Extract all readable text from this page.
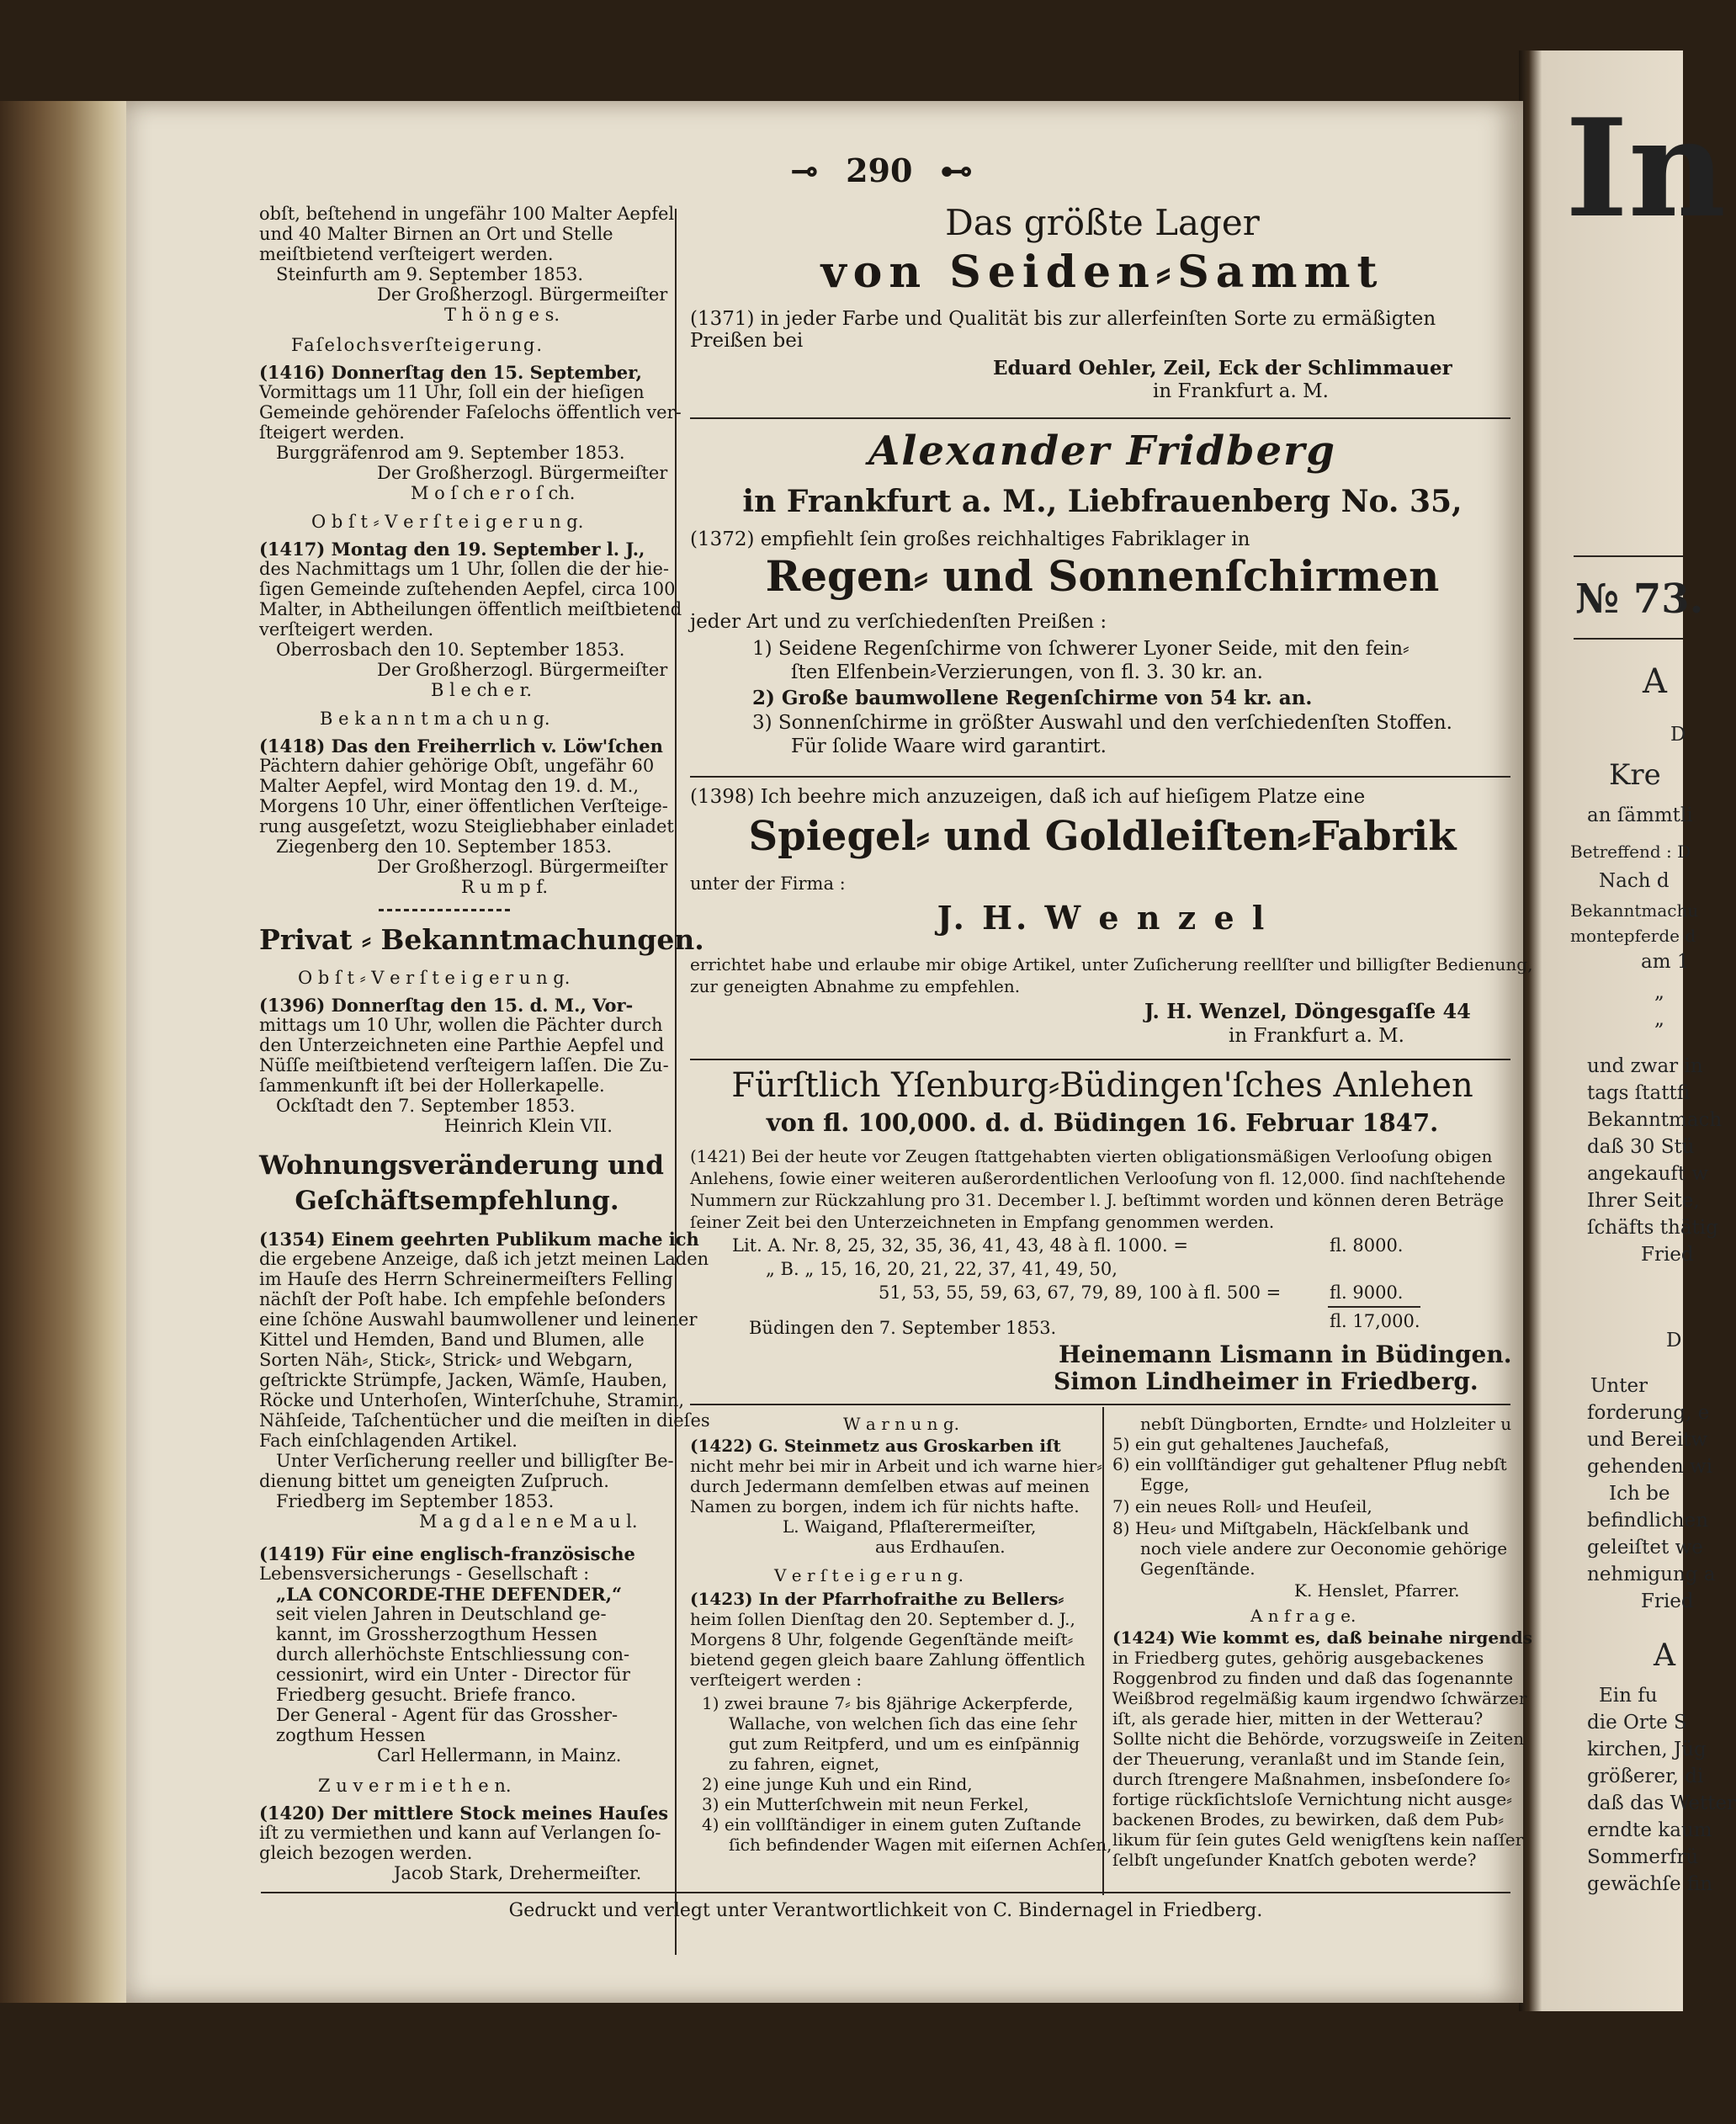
⊸ 290 ⊷
obſt, beſtehend in ungefähr 100 Malter Aepfel
und 40 Malter Birnen an Ort und Stelle
meiſtbietend verſteigert werden.
Steinfurth am 9. September 1853.
Der Großherzogl. Bürgermeiſter
T h ö n g e s.
Faſelochsverſteigerung.
(1416) Donnerſtag den 15. September,
Vormittags um 11 Uhr, ſoll ein der hieſigen
Gemeinde gehörender Faſelochs öffentlich ver-
ſteigert werden.
Burggräfenrod am 9. September 1853.
Der Großherzogl. Bürgermeiſter
M o ſ ch e r o ſ ch.
O b ſ t ⸗ V e r ſ t e i g e r u n g.
(1417) Montag den 19. September l. J.,
des Nachmittags um 1 Uhr, ſollen die der hie-
ſigen Gemeinde zuſtehenden Aepfel, circa 100
Malter, in Abtheilungen öffentlich meiſtbietend
verſteigert werden.
Oberrosbach den 10. September 1853.
Der Großherzogl. Bürgermeiſter
B l e ch e r.
B e k a n n t m a ch u n g.
(1418) Das den Freiherrlich v. Löw'ſchen
Pächtern dahier gehörige Obſt, ungefähr 60
Malter Aepfel, wird Montag den 19. d. M.,
Morgens 10 Uhr, einer öffentlichen Verſteige-
rung ausgeſetzt, wozu Steigliebhaber einladet
Ziegenberg den 10. September 1853.
Der Großherzogl. Bürgermeiſter
R u m p f.
Privat ⸗ Bekanntmachungen.
O b ſ t ⸗ V e r ſ t e i g e r u n g.
(1396) Donnerſtag den 15. d. M., Vor-
mittags um 10 Uhr, wollen die Pächter durch
den Unterzeichneten eine Parthie Aepfel und
Nüſſe meiſtbietend verſteigern laſſen. Die Zu-
ſammenkunft iſt bei der Hollerkapelle.
Ockſtadt den 7. September 1853.
Heinrich Klein VII.
Wohnungsveränderung und
Geſchäftsempfehlung.
(1354) Einem geehrten Publikum mache ich
die ergebene Anzeige, daß ich jetzt meinen Laden
im Hauſe des Herrn Schreinermeiſters Felling
nächſt der Poſt habe. Ich empfehle beſonders
eine ſchöne Auswahl baumwollener und leinener
Kittel und Hemden, Band und Blumen, alle
Sorten Näh⸗, Stick⸗, Strick⸗ und Webgarn,
geſtrickte Strümpfe, Jacken, Wämſe, Hauben,
Röcke und Unterhoſen, Winterſchuhe, Stramin,
Nähſeide, Taſchentücher und die meiſten in dieſes
Fach einſchlagenden Artikel.
Unter Verſicherung reeller und billigſter Be-
dienung bittet um geneigten Zuſpruch.
Friedberg im September 1853.
M a g d a l e n e M a u l.
(1419) Für eine englisch-französische
Lebensversicherungs - Gesellschaft :
„LA CONCORDE-THE DEFENDER,“
seit vielen Jahren in Deutschland ge-
kannt, im Grossherzogthum Hessen
durch allerhöchste Entschliessung con-
cessionirt, wird ein Unter - Director für
Friedberg gesucht. Briefe franco.
Der General - Agent für das Grossher-
zogthum Hessen
Carl Hellermann, in Mainz.
Z u v e r m i e t h e n.
(1420) Der mittlere Stock meines Hauſes
iſt zu vermiethen und kann auf Verlangen ſo-
gleich bezogen werden.
Jacob Stark, Drehermeiſter.
Das größte Lager
von Seiden⸗Sammt
(1371) in jeder Farbe und Qualität bis zur allerfeinſten Sorte zu ermäßigten
Preißen bei
Eduard Oehler, Zeil, Eck der Schlimmauer
in Frankfurt a. M.
Alexander Fridberg
in Frankfurt a. M., Liebfrauenberg No. 35,
(1372) empfiehlt ſein großes reichhaltiges Fabriklager in
Regen⸗ und Sonnenſchirmen
jeder Art und zu verſchiedenſten Preißen :
1) Seidene Regenſchirme von ſchwerer Lyoner Seide, mit den fein⸗
ſten Elfenbein⸗Verzierungen, von fl. 3. 30 kr. an.
2) Große baumwollene Regenſchirme von 54 kr. an.
3) Sonnenſchirme in größter Auswahl und den verſchiedenſten Stoffen.
Für ſolide Waare wird garantirt.
(1398) Ich beehre mich anzuzeigen, daß ich auf hieſigem Platze eine
Spiegel⸗ und Goldleiſten⸗Fabrik
unter der Firma :
J. H. W e n z e l
errichtet habe und erlaube mir obige Artikel, unter Zuſicherung reellſter und billigſter Bedienung,
zur geneigten Abnahme zu empfehlen.
J. H. Wenzel, Döngesgaſſe 44
in Frankfurt a. M.
Fürſtlich Yſenburg⸗Büdingen'ſches Anlehen
von fl. 100,000. d. d. Büdingen 16. Februar 1847.
(1421) Bei der heute vor Zeugen ſtattgehabten vierten obligationsmäßigen Verlooſung obigen
Anlehens, ſowie einer weiteren außerordentlichen Verlooſung von fl. 12,000. ſind nachſtehende
Nummern zur Rückzahlung pro 31. December l. J. beſtimmt worden und können deren Beträge
ſeiner Zeit bei den Unterzeichneten in Empfang genommen werden.
Lit. A. Nr. 8, 25, 32, 35, 36, 41, 43, 48 à fl. 1000. =	fl. 8000.
„ B. „ 15, 16, 20, 21, 22, 37, 41, 49, 50,
51, 53, 55, 59, 63, 67, 79, 89, 100 à fl. 500 =	fl. 9000.
fl. 17,000.
Büdingen den 7. September 1853.
Heinemann Lismann in Büdingen.
Simon Lindheimer in Friedberg.
W a r n u n g.
(1422) G. Steinmetz aus Groskarben iſt
nicht mehr bei mir in Arbeit und ich warne hier⸗
durch Jedermann demſelben etwas auf meinen
Namen zu borgen, indem ich für nichts hafte.
L. Waigand, Pflaſterermeiſter,
aus Erdhauſen.
V e r ſ t e i g e r u n g.
(1423) In der Pfarrhofraithe zu Bellers⸗
heim ſollen Dienſtag den 20. September d. J.,
Morgens 8 Uhr, folgende Gegenſtände meiſt⸗
bietend gegen gleich baare Zahlung öffentlich
verſteigert werden :
1) zwei braune 7⸗ bis 8jährige Ackerpferde,
Wallache, von welchen ſich das eine ſehr
gut zum Reitpferd, und um es einſpännig
zu fahren, eignet,
2) eine junge Kuh und ein Rind,
3) ein Mutterſchwein mit neun Ferkel,
4) ein vollſtändiger in einem guten Zuſtande
ſich befindender Wagen mit eiſernen Achſen,
nebſt Düngborten, Erndte⸗ und Holzleiter u
5) ein gut gehaltenes Jauchefaß,
6) ein vollſtändiger gut gehaltener Pflug nebſt
Egge,
7) ein neues Roll⸗ und Heuſeil,
8) Heu⸗ und Miſtgabeln, Häckſelbank und
noch viele andere zur Oeconomie gehörige
Gegenſtände.
K. Henslet, Pfarrer.
A n f r a g e.
(1424) Wie kommt es, daß beinahe nirgends
in Friedberg gutes, gehörig ausgebackenes
Roggenbrod zu finden und daß das ſogenannte
Weißbrod regelmäßig kaum irgendwo ſchwärzer
iſt, als gerade hier, mitten in der Wetterau?
Sollte nicht die Behörde, vorzugsweiſe in Zeiten
der Theuerung, veranlaßt und im Stande ſein,
durch ſtrengere Maßnahmen, insbeſondere ſo⸗
fortige rückſichtsloſe Vernichtung nicht ausge⸗
backenen Brodes, zu bewirken, daß dem Pub⸗
likum für ſein gutes Geld wenigſtens kein naſſer
ſelbſt ungeſunder Knatſch geboten werde?
Gedruckt und verlegt unter Verantwortlichkeit von C. Bindernagel in Friedberg.
In
№ 73.
A
D
Kre
an ſämmtli
Betreffend : D
Nach d
Bekanntmachu
montepferde d
am 1
„
„
und zwar in
tags ſtattfi
Bekanntmach
daß 30 Stü
angekauft w
Ihrer Seite,
ſchäfts thätig
Fried
D
Unter
forderung, e
und Bereitw
gehenden wi
Ich be
befindlichen
geleiſtet we
nehmigung a
Fried
A
Ein fu
die Orte S
kirchen, Jüg
größerer, di
daß das Wetter
erndte kaum
Sommerfrü
gewächſe fin
